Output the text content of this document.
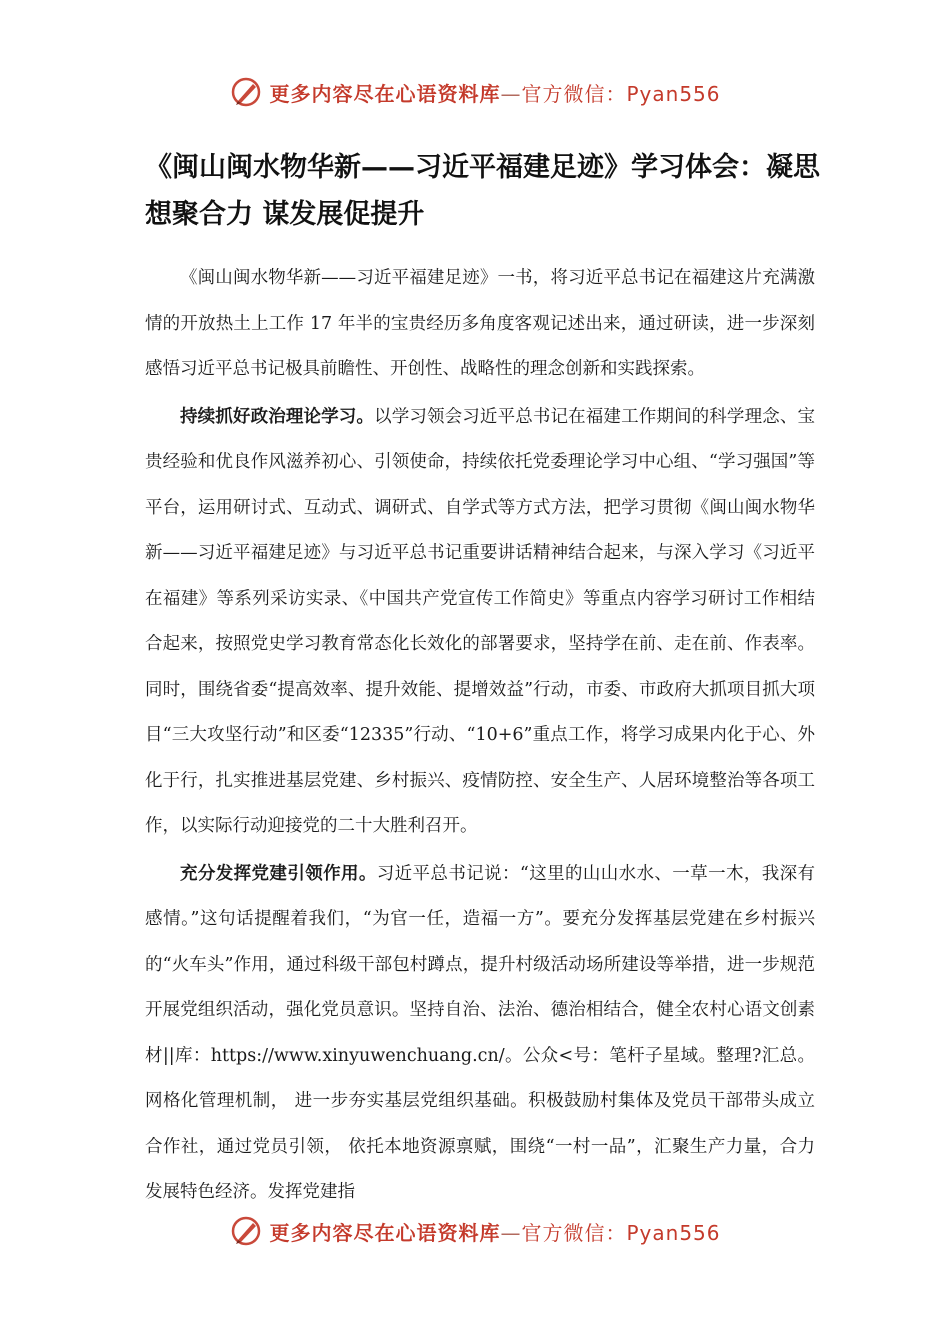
更多内容尽在心语资料库—官方微信：Pyan556
《闽山闽水物华新——习近平福建足迹》学习体会：凝思想聚合力 谋发展促提升

《闽山闽水物华新——习近平福建足迹》一书，将习近平总书记在福建这片充满激情的开放热土上工作 17 年半的宝贵经历多角度客观记述出来，通过研读，进一步深刻感悟习近平总书记极具前瞻性、开创性、战略性的理念创新和实践探索。

持续抓好政治理论学习。以学习领会习近平总书记在福建工作期间的科学理念、宝贵经验和优良作风滋养初心、引领使命，持续依托党委理论学习中心组、“学习强国”等平台，运用研讨式、互动式、调研式、自学式等方式方法，把学习贯彻《闽山闽水物华新——习近平福建足迹》与习近平总书记重要讲话精神结合起来，与深入学习《习近平在福建》等系列采访实录、《中国共产党宣传工作简史》等重点内容学习研讨工作相结合起来，按照党史学习教育常态化长效化的部署要求，坚持学在前、走在前、作表率。同时，围绕省委“提高效率、提升效能、提增效益”行动，市委、市政府大抓项目抓大项目“三大攻坚行动”和区委“12335”行动、“10+6”重点工作，将学习成果内化于心、外化于行，扎实推进基层党建、乡村振兴、疫情防控、安全生产、人居环境整治等各项工作，以实际行动迎接党的二十大胜利召开。

充分发挥党建引领作用。习近平总书记说：“这里的山山水水、一草一木，我深有感情。”这句话提醒着我们，“为官一任，造福一方”。要充分发挥基层党建在乡村振兴的“火车头”作用，通过科级干部包村蹲点，提升村级活动场所建设等举措，进一步规范开展党组织活动，强化党员意识。坚持自治、法治、德治相结合，健全农村心语文创素材||库：https://www.xinyuwenchuang.cn/。公众<号：笔杆子星域。整理?汇总。网格化管理机制， 进一步夯实基层党组织基础。积极鼓励村集体及党员干部带头成立合作社，通过党员引领， 依托本地资源禀赋，围绕“一村一品”，汇聚生产力量，合力发展特色经济。发挥党建指

更多内容尽在心语资料库—官方微信：Pyan556
